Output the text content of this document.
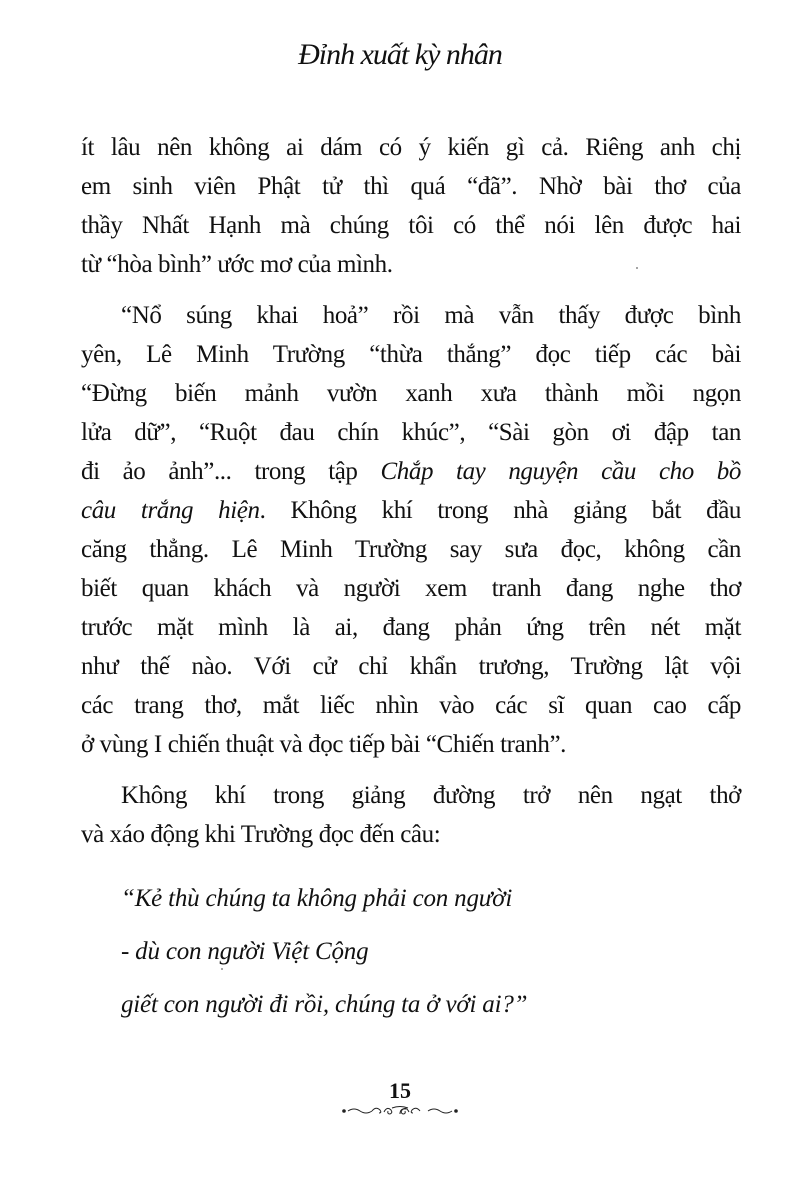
Đỉnh xuất kỳ nhân
ít lâu nên không ai dám có ý kiến gì cả. Riêng anh chị
em sinh viên Phật tử thì quá “đã”. Nhờ bài thơ của
thầy Nhất Hạnh mà chúng tôi có thể nói lên được hai
từ “hòa bình” ước mơ của mình.
“Nổ súng khai hoả” rồi mà vẫn thấy được bình
yên, Lê Minh Trường “thừa thắng” đọc tiếp các bài
“Đừng biến mảnh vườn xanh xưa thành mồi ngọn
lửa dữ”, “Ruột đau chín khúc”, “Sài gòn ơi đập tan
đi ảo ảnh”... trong tập Chắp tay nguyện cầu cho bồ
câu trắng hiện. Không khí trong nhà giảng bắt đầu
căng thẳng. Lê Minh Trường say sưa đọc, không cần
biết quan khách và người xem tranh đang nghe thơ
trước mặt mình là ai, đang phản ứng trên nét mặt
như thế nào. Với cử chỉ khẩn trương, Trường lật vội
các trang thơ, mắt liếc nhìn vào các sĩ quan cao cấp
ở vùng I chiến thuật và đọc tiếp bài “Chiến tranh”.
Không khí trong giảng đường trở nên ngạt thở
và xáo động khi Trường đọc đến câu:
“Kẻ thù chúng ta không phải con người
- dù con người Việt Cộng
giết con người đi rồi, chúng ta ở với ai?”
15
